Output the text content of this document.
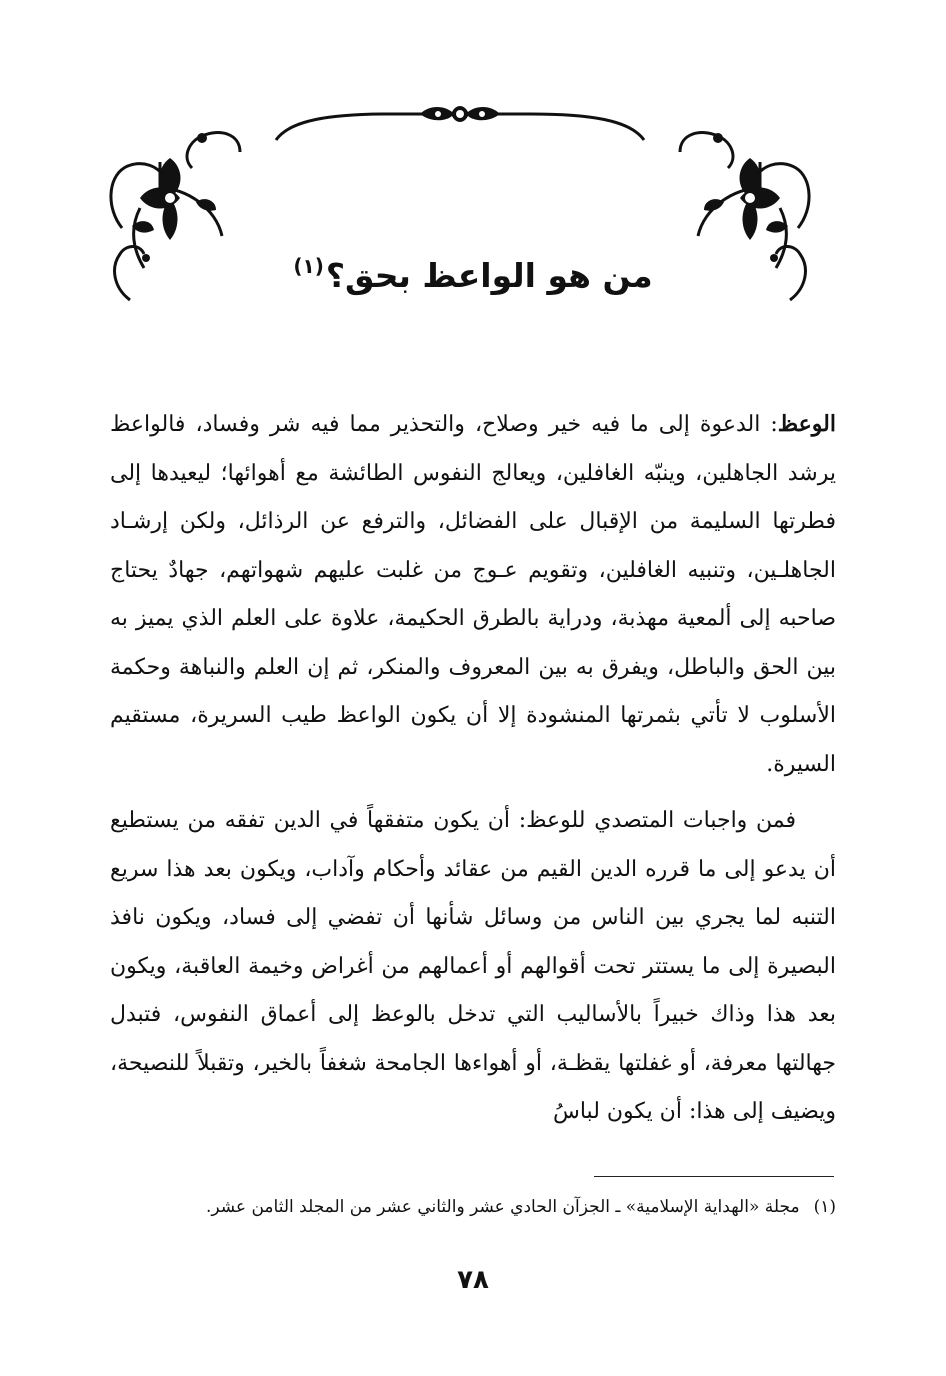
من هو الواعظ بحق؟$^{(١)}$

الوعظ: الدعوة إلى ما فيه خير وصلاح، والتحذير مما فيه شر وفساد، فالواعظ يرشد الجاهلين، وينبّه الغافلين، ويعالج النفوس الطائشة مع أهوائها؛ ليعيدها إلى فطرتها السليمة من الإقبال على الفضائل، والترفع عن الرذائل، ولكن إرشـاد الجاهلـين، وتنبيه الغافلين، وتقويم عـوج من غلبت عليهم شهواتهم، جهادٌ يحتاج صاحبه إلى ألمعية مهذبة، ودراية بالطرق الحكيمة، علاوة على العلم الذي يميز به بين الحق والباطل، ويفرق به بين المعروف والمنكر، ثم إن العلم والنباهة وحكمة الأسلوب لا تأتي بثمرتها المنشودة إلا أن يكون الواعظ طيب السريرة، مستقيم السيرة.

فمن واجبات المتصدي للوعظ: أن يكون متفقهاً في الدين تفقه من يستطيع أن يدعو إلى ما قرره الدين القيم من عقائد وأحكام وآداب، ويكون بعد هذا سريع التنبه لما يجري بين الناس من وسائل شأنها أن تفضي إلى فساد، ويكون نافذ البصيرة إلى ما يستتر تحت أقوالهم أو أعمالهم من أغراض وخيمة العاقبة، ويكون بعد هذا وذاك خبيراً بالأساليب التي تدخل بالوعظ إلى أعماق النفوس، فتبدل جهالتها معرفة، أو غفلتها يقظـة، أو أهواءها الجامحة شغفاً بالخير، وتقبلاً للنصيحة، ويضيف إلى هذا: أن يكون لباسُ

(١)مجلة «الهداية الإسلامية» ـ الجزآن الحادي عشر والثاني عشر من المجلد الثامن عشر.
٧٨
